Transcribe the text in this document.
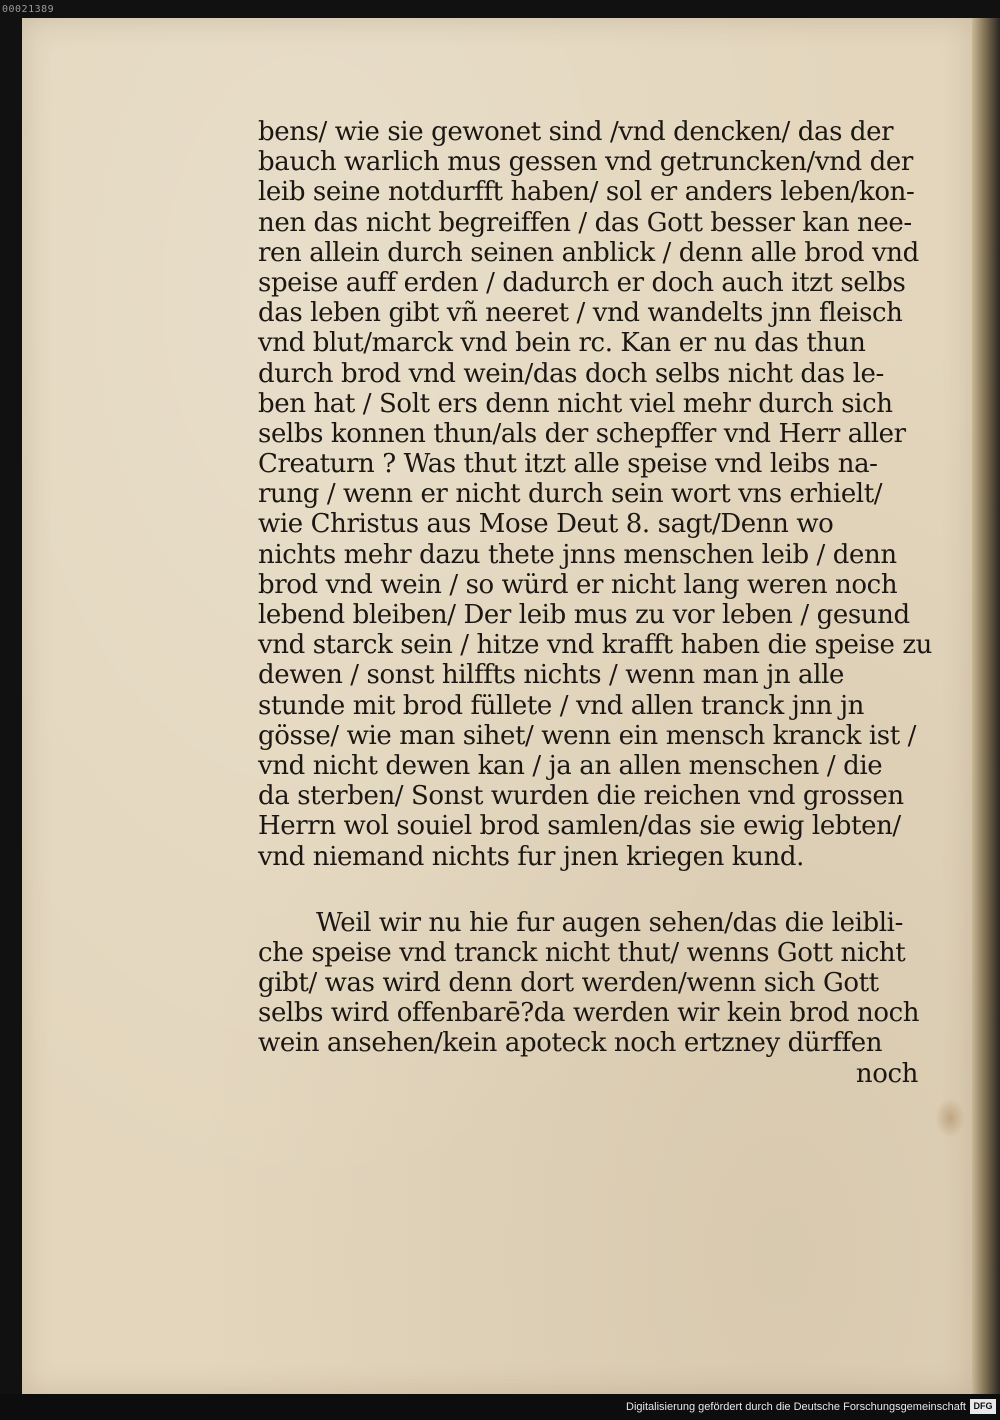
00021389
bens/ wie sie gewonet sind /vnd dencken/ das der
bauch warlich mus gessen vnd getruncken/vnd der
leib seine notdurfft haben/ sol er anders leben/kon-
nen das nicht begreiffen / das Gott besser kan nee-
ren allein durch seinen anblick / denn alle brod vnd
speise auff erden / dadurch er doch auch itzt selbs
das leben gibt vñ neeret / vnd wandelts jnn fleisch
vnd blut/marck vnd bein rc. Kan er nu das thun
durch brod vnd wein/das doch selbs nicht das le-
ben hat / Solt ers denn nicht viel mehr durch sich
selbs konnen thun/als der schepffer vnd Herr aller
Creaturn ? Was thut itzt alle speise vnd leibs na-
rung / wenn er nicht durch sein wort vns erhielt/
wie Christus aus Mose Deut 8. sagt/Denn wo
nichts mehr dazu thete jnns menschen leib / denn
brod vnd wein / so würd er nicht lang weren noch
lebend bleiben/ Der leib mus zu vor leben / gesund
vnd starck sein / hitze vnd krafft haben die speise zu
dewen / sonst hilffts nichts / wenn man jn alle
stunde mit brod füllete / vnd allen tranck jnn jn
gösse/ wie man sihet/ wenn ein mensch kranck ist /
vnd nicht dewen kan / ja an allen menschen / die
da sterben/ Sonst wurden die reichen vnd grossen
Herrn wol souiel brod samlen/das sie ewig lebten/
vnd niemand nichts fur jnen kriegen kund.
Weil wir nu hie fur augen sehen/das die leibli-
che speise vnd tranck nicht thut/ wenns Gott nicht
gibt/ was wird denn dort werden/wenn sich Gott
selbs wird offenbarē?da werden wir kein brod noch
wein ansehen/kein apoteck noch ertzney dürffen
noch
Digitalisierung gefördert durch die Deutsche Forschungsgemeinschaft DFG
